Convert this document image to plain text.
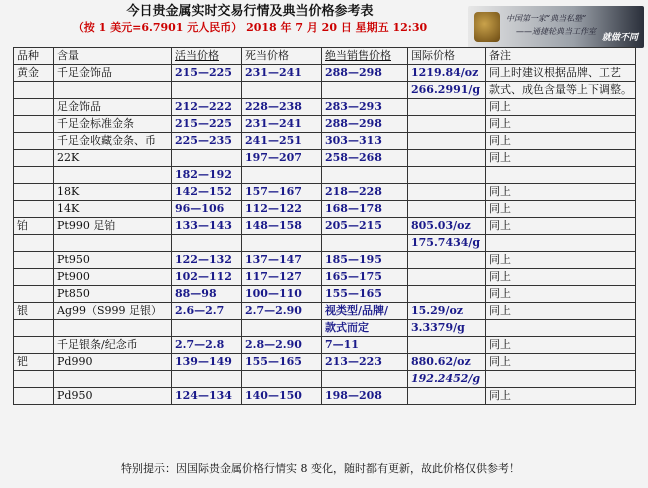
今日贵金属实时交易行情及典当价格参考表
（按 1 美元=6.7901 元人民币） 2018 年 7 月 20 日 星期五 12:30
中国第一家“典当私塾”
——通捷轮典当工作室
就做不同
品种	含量	活当价格	死当价格	绝当销售价格	国际价格	备注
黄金	千足金饰品	215—225	231—241	288—298	1219.84/oz	同上时建议根据品牌、工艺
					266.2991/g	款式、成色含量等上下调整。
	足金饰品	212—222	228—238	283—293		同上
	千足金标准金条	215—225	231—241	288—298		同上
	千足金收藏金条、币	225—235	241—251	303—313		同上
	22K		197—207	258—268		同上
		182—192				
	18K	142—152	157—167	218—228		同上
	14K	96—106	112—122	168—178		同上
铂	Pt990 足铂	133—143	148—158	205—215	805.03/oz	同上
					175.7434/g	
	Pt950	122—132	137—147	185—195		同上
	Pt900	102—112	117—127	165—175		同上
	Pt850	88—98	100—110	155—165		同上
银	Ag99（S999 足银）	2.6—2.7	2.7—2.90	视类型/品牌/	15.29/oz	同上
				款式而定	3.3379/g	
	千足银条/纪念币	2.7—2.8	2.8—2.90	7—11		同上
钯	Pd990	139—149	155—165	213—223	880.62/oz	同上
					192.2452/g	
	Pd950	124—134	140—150	198—208		同上
特别提示：因国际贵金属价格行情实 8 变化，随时都有更新，故此价格仅供参考！
